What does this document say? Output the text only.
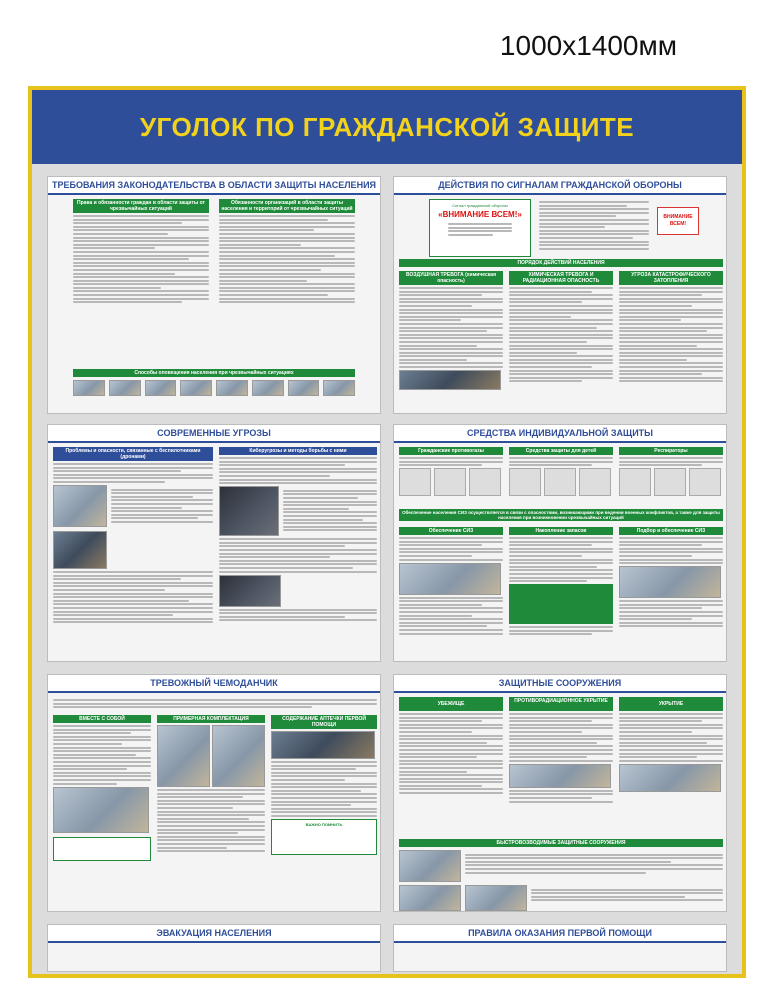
1000x1400мм
УГОЛОК ПО ГРАЖДАНСКОЙ ЗАЩИТЕ
ТРЕБОВАНИЯ ЗАКОНОДАТЕЛЬСТВА В ОБЛАСТИ ЗАЩИТЫ НАСЕЛЕНИЯ
Права и обязанности граждан в области защиты от чрезвычайных ситуаций
Обязанности организаций в области защиты населения и территорий от чрезвычайных ситуаций
Способы оповещения населения при чрезвычайных ситуациях
ДЕЙСТВИЯ ПО СИГНАЛАМ ГРАЖДАНСКОЙ ОБОРОНЫ
Сигнал гражданской обороны
«ВНИМАНИЕ ВСЕМ!»	ВНИМАНИЕ ВСЕМ!
ПОРЯДОК ДЕЙСТВИЙ НАСЕЛЕНИЯ
ВОЗДУШНАЯ ТРЕВОГА (химическая опасность)
ХИМИЧЕСКАЯ ТРЕВОГА И РАДИАЦИОННАЯ ОПАСНОСТЬ
УГРОЗА КАТАСТРОФИЧЕСКОГО ЗАТОПЛЕНИЯ
СОВРЕМЕННЫЕ УГРОЗЫ
Проблемы и опасности, связанные с беспилотниками (дронами)
Киберугрозы и методы борьбы с ними
СРЕДСТВА ИНДИВИДУАЛЬНОЙ ЗАЩИТЫ
Гражданские противогазы	Средства защиты для детей	Респираторы
Обеспечение населения СИЗ осуществляется в связи с опасностями, возникающими при ведении военных конфликтов, а также для защиты населения при возникновении чрезвычайных ситуаций
Обеспечение СИЗ	Накопление запасов	Подбор и обеспечение СИЗ
ТРЕВОЖНЫЙ ЧЕМОДАНЧИК
ВМЕСТЕ С СОБОЙ	ПРИМЕРНАЯ КОМПЛЕКТАЦИЯ	СОДЕРЖАНИЕ АПТЕЧКИ ПЕРВОЙ ПОМОЩИ
ВАЖНО ПОМНИТЬ
ЗАЩИТНЫЕ СООРУЖЕНИЯ
УБЕЖИЩЕ	ПРОТИВОРАДИАЦИОННОЕ УКРЫТИЕ	УКРЫТИЕ
БЫСТРОВОЗВОДИМЫЕ ЗАЩИТНЫЕ СООРУЖЕНИЯ
ЭВАКУАЦИЯ НАСЕЛЕНИЯ	ПРАВИЛА ОКАЗАНИЯ ПЕРВОЙ ПОМОЩИ
